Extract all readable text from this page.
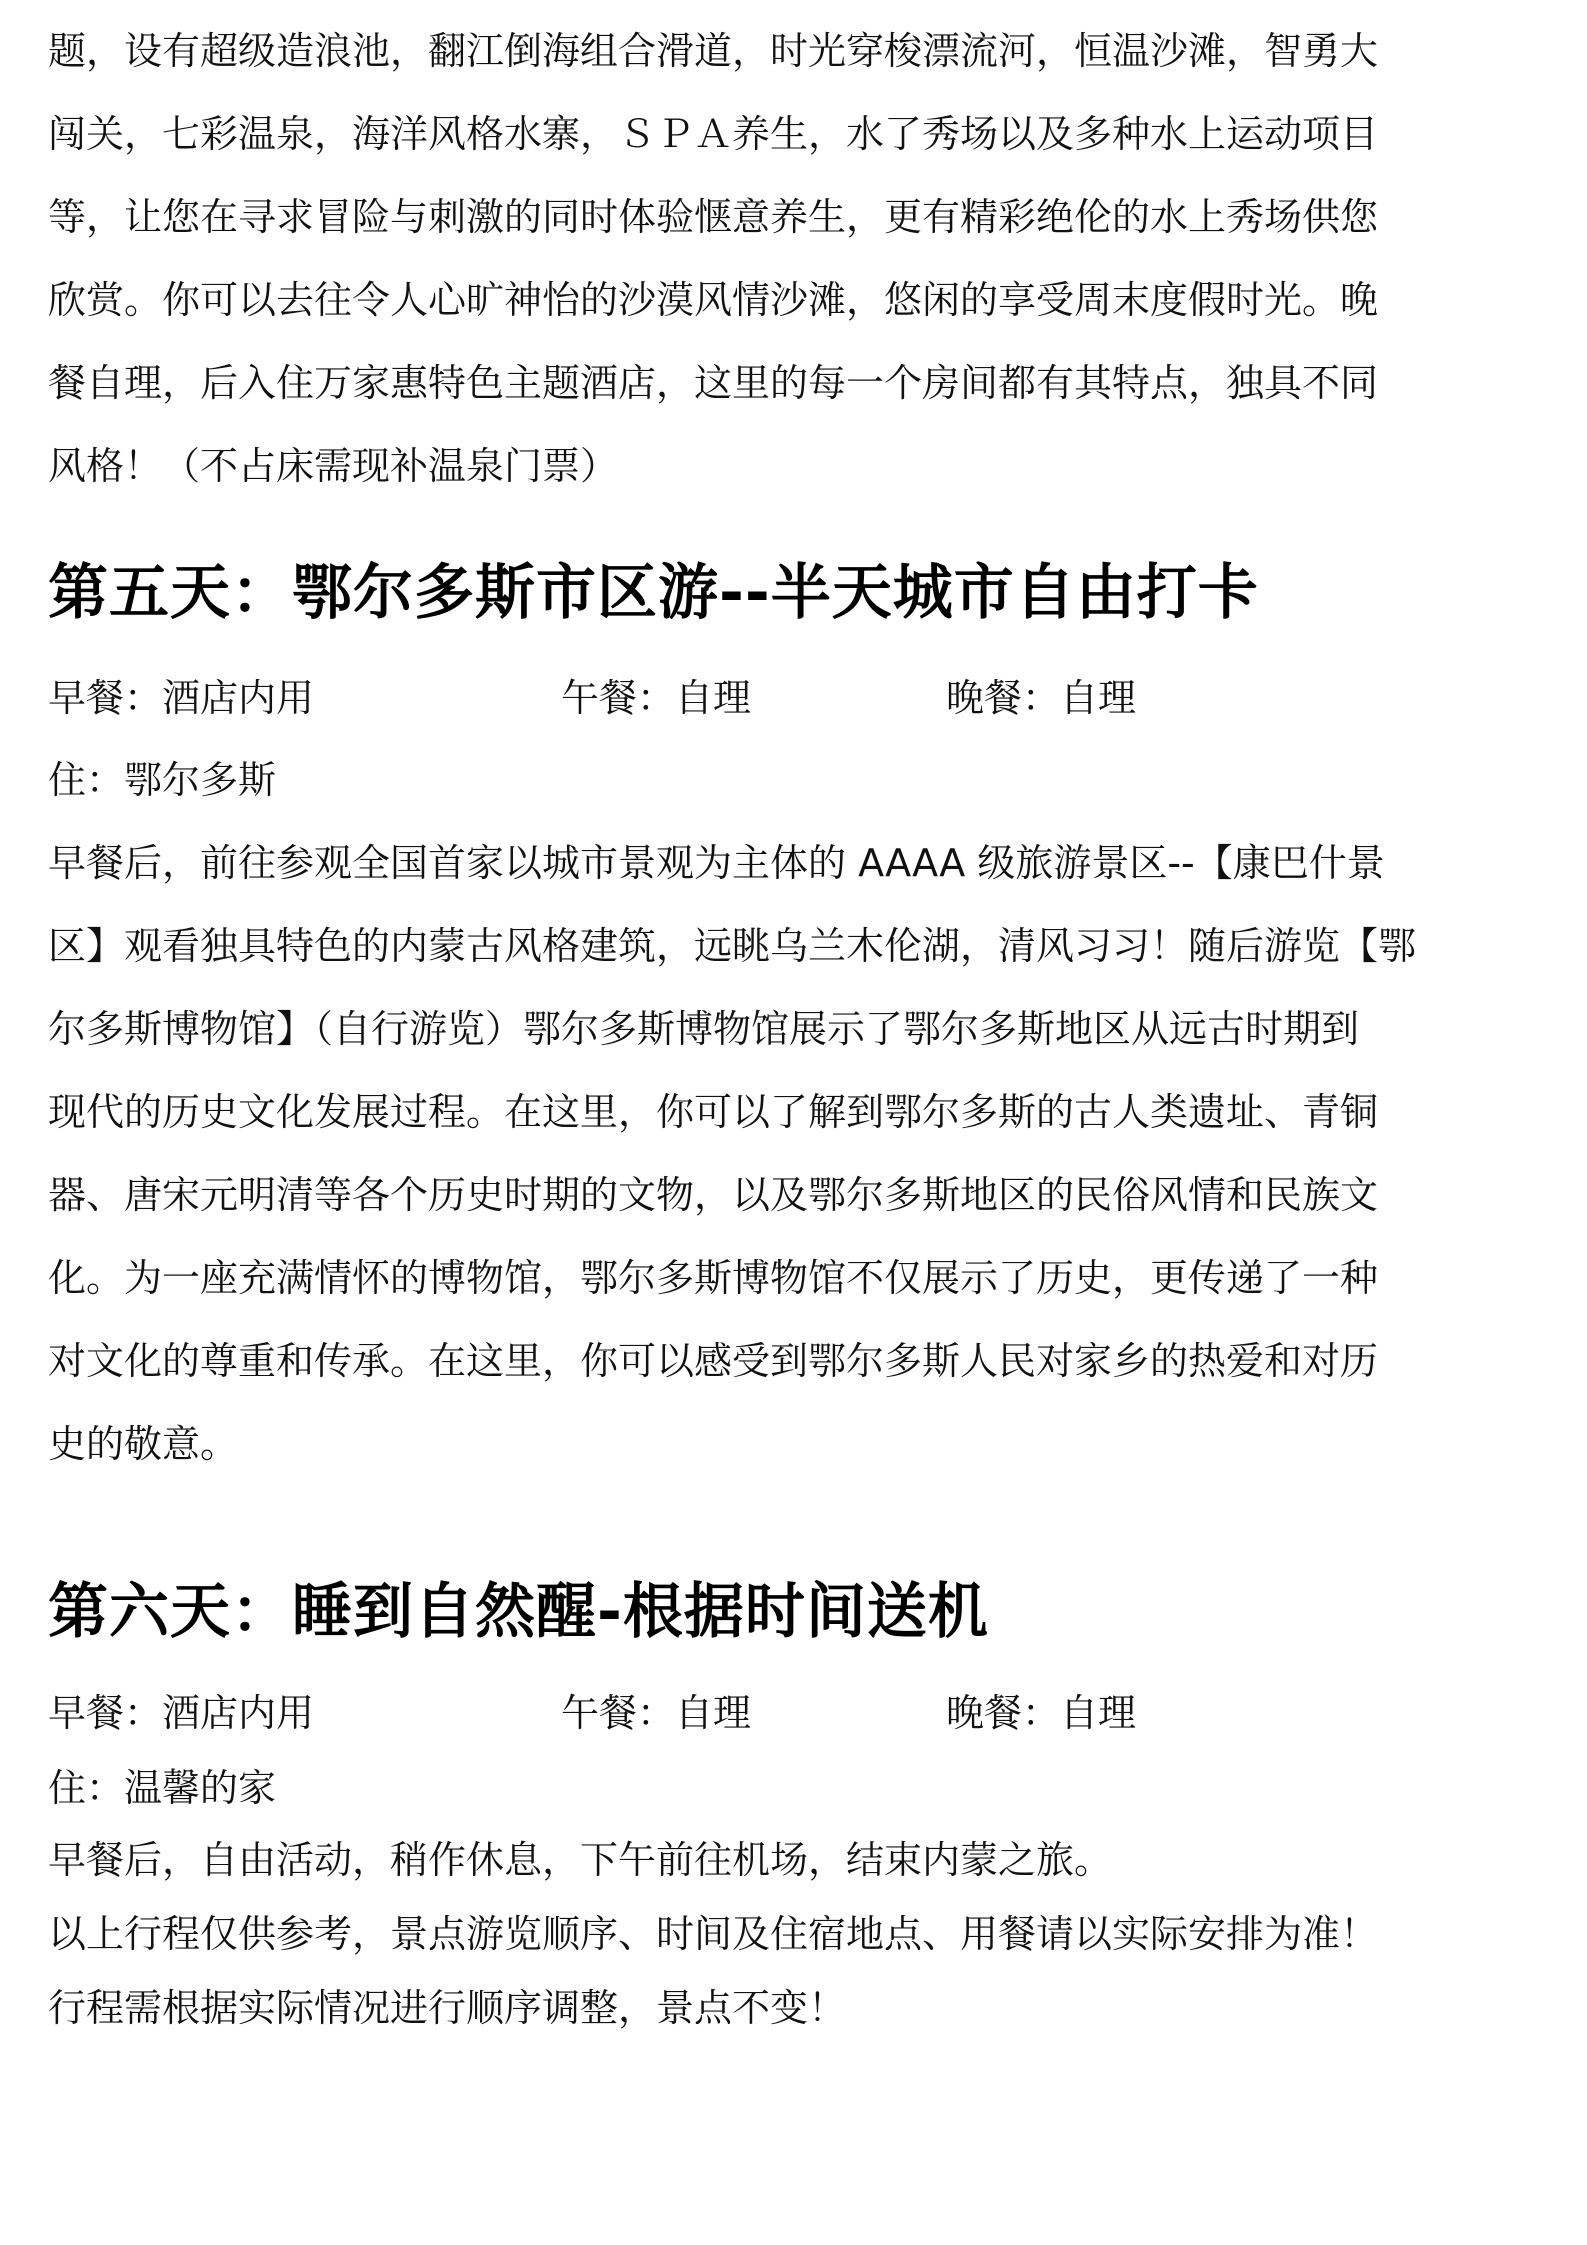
题，设有超级造浪池，翻江倒海组合滑道，时光穿梭漂流河，恒温沙滩，智勇大

闯关，七彩温泉，海洋风格水寨，ＳＰＡ养生，水了秀场以及多种水上运动项目

等，让您在寻求冒险与刺激的同时体验惬意养生，更有精彩绝伦的水上秀场供您

欣赏。你可以去往令人心旷神怡的沙漠风情沙滩，悠闲的享受周末度假时光。晚

餐自理，后入住万家惠特色主题酒店，这里的每一个房间都有其特点，独具不同

风格！（不占床需现补温泉门票）

第五天：鄂尔多斯市区游--半天城市自由打卡
早餐：酒店内用	午餐：自理	晚餐：自理
住：鄂尔多斯

早餐后，前往参观全国首家以城市景观为主体的 AAAA 级旅游景区--【康巴什景

区】观看独具特色的内蒙古风格建筑，远眺乌兰木伦湖，清风习习！随后游览【鄂

尔多斯博物馆】（自行游览）鄂尔多斯博物馆展示了鄂尔多斯地区从远古时期到

现代的历史文化发展过程。在这里，你可以了解到鄂尔多斯的古人类遗址、青铜

器、唐宋元明清等各个历史时期的文物，以及鄂尔多斯地区的民俗风情和民族文

化。为一座充满情怀的博物馆，鄂尔多斯博物馆不仅展示了历史，更传递了一种

对文化的尊重和传承。在这里，你可以感受到鄂尔多斯人民对家乡的热爱和对历

史的敬意。

第六天：睡到自然醒-根据时间送机
早餐：酒店内用	午餐：自理	晚餐：自理
住：温馨的家

早餐后，自由活动，稍作休息，下午前往机场，结束内蒙之旅。

以上行程仅供参考，景点游览顺序、时间及住宿地点、用餐请以实际安排为准！

行程需根据实际情况进行顺序调整，景点不变！
